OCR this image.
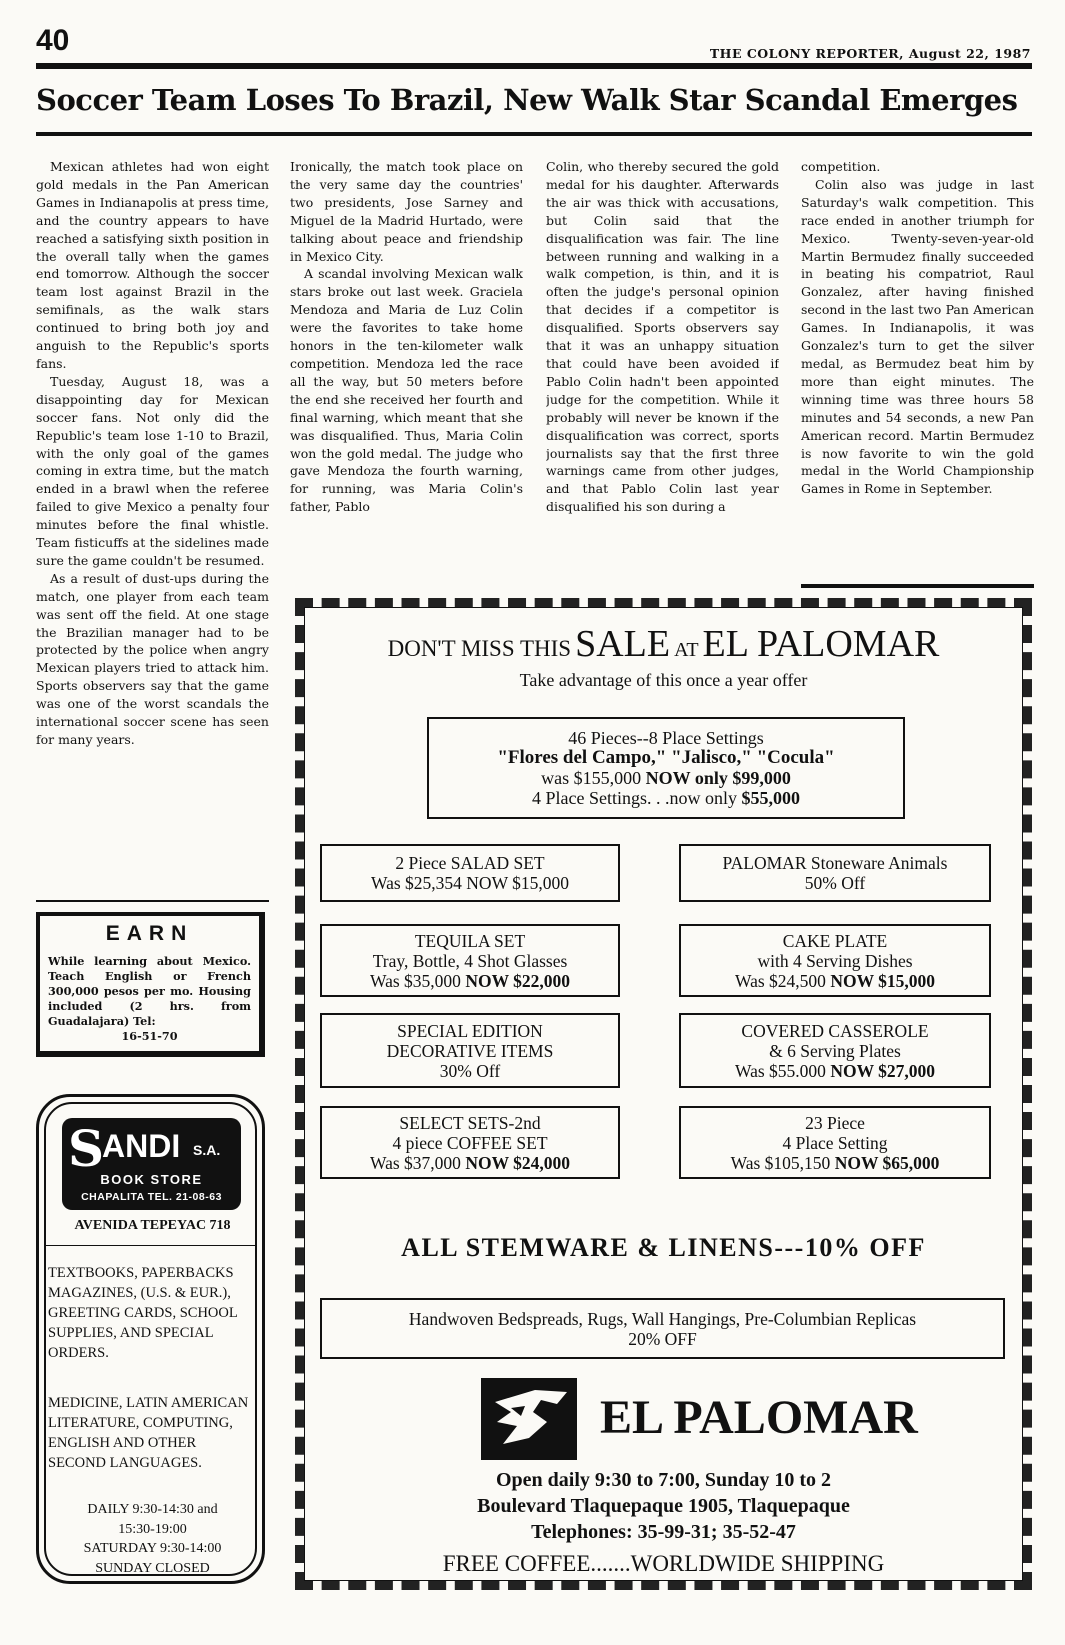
40	THE COLONY REPORTER, August 22, 1987
Soccer Team Loses To Brazil, New Walk Star Scandal Emerges

Mexican athletes had won eight gold medals in the Pan American Games in Indianapolis at press time, and the country appears to have reached a satisfying sixth position in the overall tally when the games end tomorrow. Although the soccer team lost against Brazil in the semifinals, as the walk stars continued to bring both joy and anguish to the Republic's sports fans.

Tuesday, August 18, was a disappointing day for Mexican soccer fans. Not only did the Republic's team lose 1-10 to Brazil, with the only goal of the games coming in extra time, but the match ended in a brawl when the referee failed to give Mexico a penalty four minutes before the final whistle. Team fisticuffs at the sidelines made sure the game couldn't be resumed.

As a result of dust-ups during the match, one player from each team was sent off the field. At one stage the Brazilian manager had to be protected by the police when angry Mexican players tried to attack him. Sports observers say that the game was one of the worst scandals the international soccer scene has seen for many years.

Ironically, the match took place on the very same day the countries' two presidents, Jose Sarney and Miguel de la Madrid Hurtado, were talking about peace and friendship in Mexico City.

A scandal involving Mexican walk stars broke out last week. Graciela Mendoza and Maria de Luz Colin were the favorites to take home honors in the ten-kilometer walk competition. Mendoza led the race all the way, but 50 meters before the end she received her fourth and final warning, which meant that she was disqualified. Thus, Maria Colin won the gold medal. The judge who gave Mendoza the fourth warning, for running, was Maria Colin's father, Pablo

Colin, who thereby secured the gold medal for his daughter. Afterwards the air was thick with accusations, but Colin said that the disqualification was fair. The line between running and walking in a walk competion, is thin, and it is often the judge's personal opinion that decides if a competitor is disqualified. Sports observers say that it was an unhappy situation that could have been avoided if Pablo Colin hadn't been appointed judge for the competition. While it probably will never be known if the disqualification was correct, sports journalists say that the first three warnings came from other judges, and that Pablo Colin last year disqualified his son during a

competition.

Colin also was judge in last Saturday's walk competition. This race ended in another triumph for Mexico. Twenty-seven-year-old Martin Bermudez finally succeeded in beating his compatriot, Raul Gonzalez, after having finished second in the last two Pan American Games. In Indianapolis, it was Gonzalez's turn to get the silver medal, as Bermudez beat him by more than eight minutes. The winning time was three hours 58 minutes and 54 seconds, a new Pan American record. Martin Bermudez is now favorite to win the gold medal in the World Championship Games in Rome in September.

EARN
While learning about Mexico. Teach English or French 300,000 pesos per mo. Housing included (2 hrs. from Guadalajara) Tel:
16-51-70
S
ANDI S.A.
BOOK STORE
CHAPALITA TEL. 21-08-63
AVENIDA TEPEYAC 718
TEXTBOOKS, PAPERBACKS MAGAZINES, (U.S. & EUR.), GREETING CARDS, SCHOOL SUPPLIES, AND SPECIAL ORDERS.
MEDICINE, LATIN AMERICAN LITERATURE, COMPUTING, ENGLISH AND OTHER SECOND LANGUAGES.
DAILY 9:30-14:30 and
15:30-19:00
SATURDAY 9:30-14:00
SUNDAY CLOSED
DON'T MISS THIS SALE AT EL PALOMAR
Take advantage of this once a year offer
46 Pieces--8 Place Settings
"Flores del Campo," "Jalisco," "Cocula"
was $155,000 NOW only $99,000
4 Place Settings. . .now only $55,000
2 Piece SALAD SET
Was $25,354 NOW $15,000
PALOMAR Stoneware Animals
50% Off
TEQUILA SET
Tray, Bottle, 4 Shot Glasses
Was $35,000 NOW $22,000
CAKE PLATE
with 4 Serving Dishes
Was $24,500 NOW $15,000
SPECIAL EDITION
DECORATIVE ITEMS
30% Off
COVERED CASSEROLE
& 6 Serving Plates
Was $55.000 NOW $27,000
SELECT SETS-2nd
4 piece COFFEE SET
Was $37,000 NOW $24,000
23 Piece
4 Place Setting
Was $105,150 NOW $65,000
ALL STEMWARE & LINENS---10% OFF
Handwoven Bedspreads, Rugs, Wall Hangings, Pre-Columbian Replicas
20% OFF
EL PALOMAR
Open daily 9:30 to 7:00, Sunday 10 to 2
Boulevard Tlaquepaque 1905, Tlaquepaque
Telephones: 35-99-31; 35-52-47
FREE COFFEE.......WORLDWIDE SHIPPING
